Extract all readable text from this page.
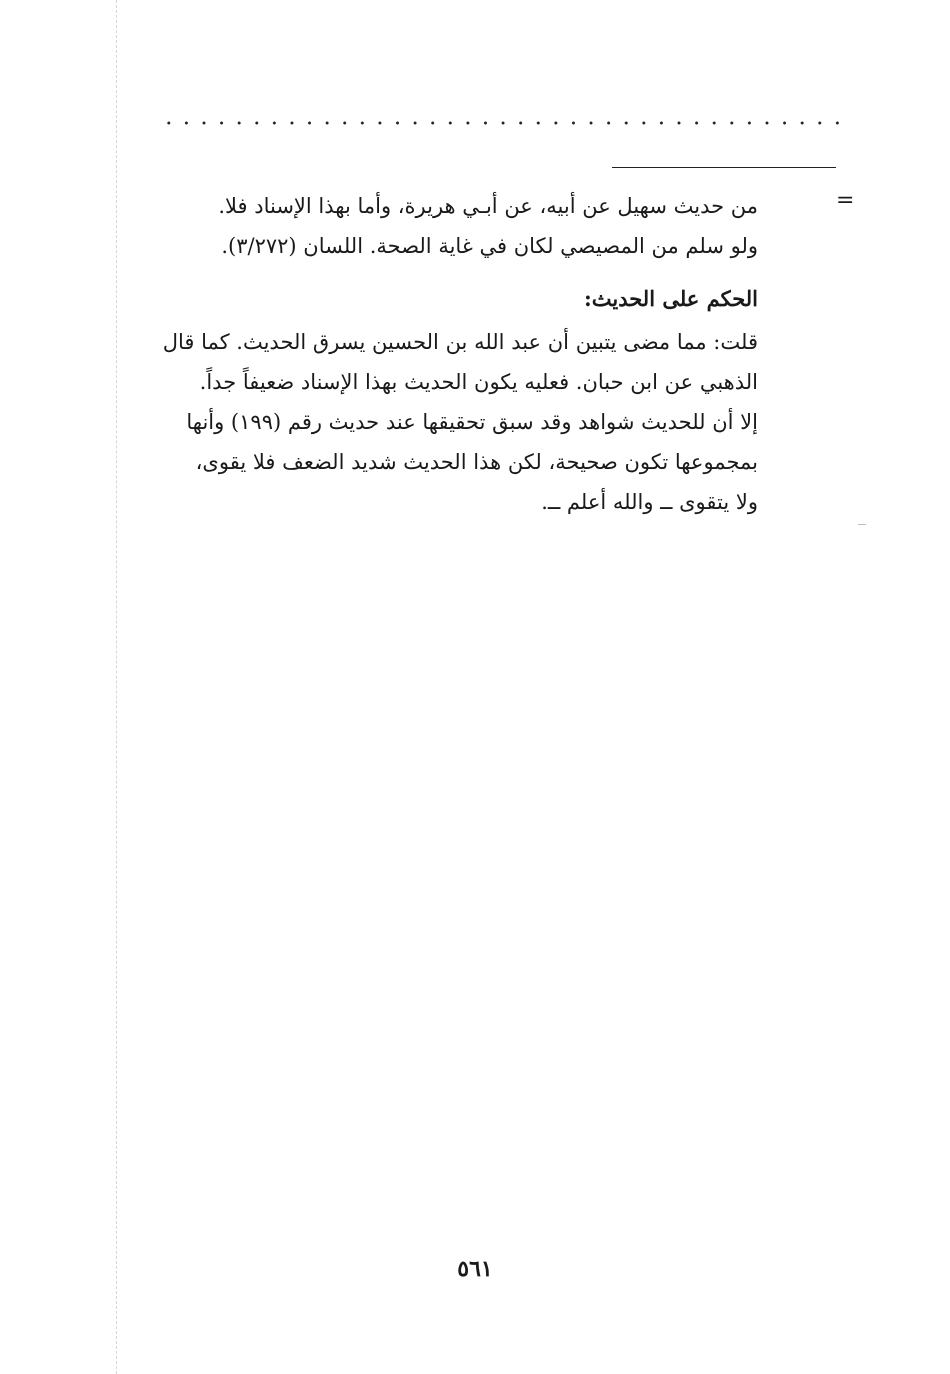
=
من حديث سهيل عن أبيه، عن أبـي هريرة، وأما بهذا الإسناد فلا.
ولو سلم من المصيصي لكان في غاية الصحة. اللسان (٣/٢٧٢).
الحكم على الحديث:
قلت: مما مضى يتبين أن عبد الله بن الحسين يسرق الحديث. كما قال
الذهبي عن ابن حبان. فعليه يكون الحديث بهذا الإسناد ضعيفاً جداً.
إلا أن للحديث شواهد وقد سبق تحقيقها عند حديث رقم (١٩٩) وأنها
بمجموعها تكون صحيحة، لكن هذا الحديث شديد الضعف فلا يقوى،
ولا يتقوى ــ والله أعلم ــ.
٥٦١
